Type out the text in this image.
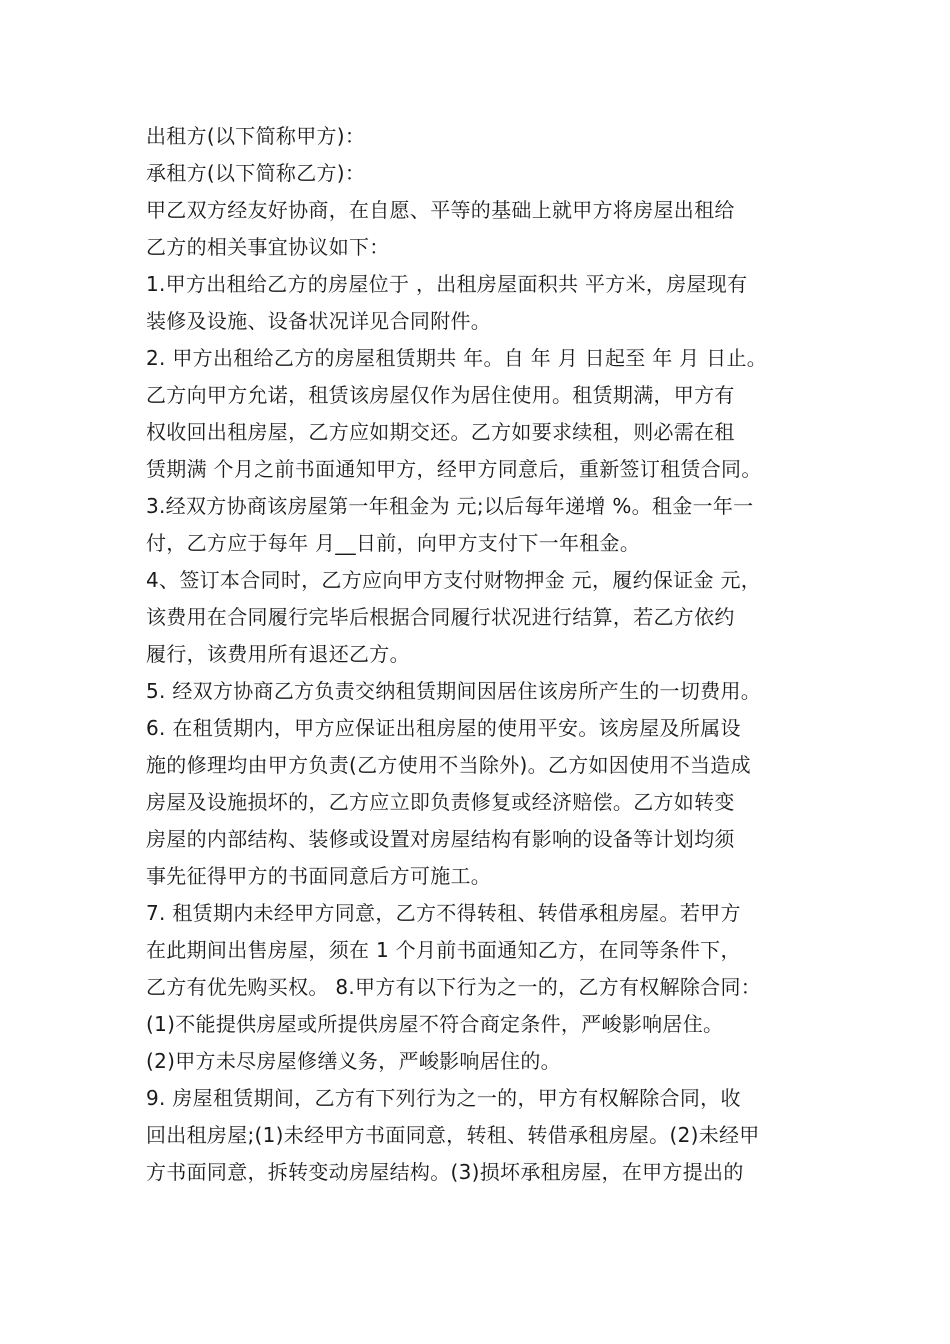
出租方(以下简称甲方)：
承租方(以下简称乙方)：
甲乙双方经友好协商，在自愿、平等的基础上就甲方将房屋出租给
乙方的相关事宜协议如下：
1.甲方出租给乙方的房屋位于 ，出租房屋面积共 平方米，房屋现有
装修及设施、设备状况详见合同附件。
2. 甲方出租给乙方的房屋租赁期共 年。自 年 月 日起至 年 月 日止。
乙方向甲方允诺，租赁该房屋仅作为居住使用。租赁期满，甲方有
权收回出租房屋，乙方应如期交还。乙方如要求续租，则必需在租
赁期满 个月之前书面通知甲方，经甲方同意后，重新签订租赁合同。
3.经双方协商该房屋第一年租金为 元;以后每年递增 %。租金一年一
付，乙方应于每年 月__日前，向甲方支付下一年租金。
4、签订本合同时，乙方应向甲方支付财物押金 元，履约保证金 元，
该费用在合同履行完毕后根据合同履行状况进行结算，若乙方依约
履行，该费用所有退还乙方。
5. 经双方协商乙方负责交纳租赁期间因居住该房所产生的一切费用。
6. 在租赁期内，甲方应保证出租房屋的使用平安。该房屋及所属设
施的修理均由甲方负责(乙方使用不当除外)。乙方如因使用不当造成
房屋及设施损坏的，乙方应立即负责修复或经济赔偿。乙方如转变
房屋的内部结构、装修或设置对房屋结构有影响的设备等计划均须
事先征得甲方的书面同意后方可施工。
7. 租赁期内未经甲方同意，乙方不得转租、转借承租房屋。若甲方
在此期间出售房屋，须在 1 个月前书面通知乙方，在同等条件下，
乙方有优先购买权。 8.甲方有以下行为之一的，乙方有权解除合同：
(1)不能提供房屋或所提供房屋不符合商定条件，严峻影响居住。
(2)甲方未尽房屋修缮义务，严峻影响居住的。
9. 房屋租赁期间，乙方有下列行为之一的，甲方有权解除合同，收
回出租房屋;(1)未经甲方书面同意，转租、转借承租房屋。(2)未经甲
方书面同意，拆转变动房屋结构。(3)损坏承租房屋，在甲方提出的
